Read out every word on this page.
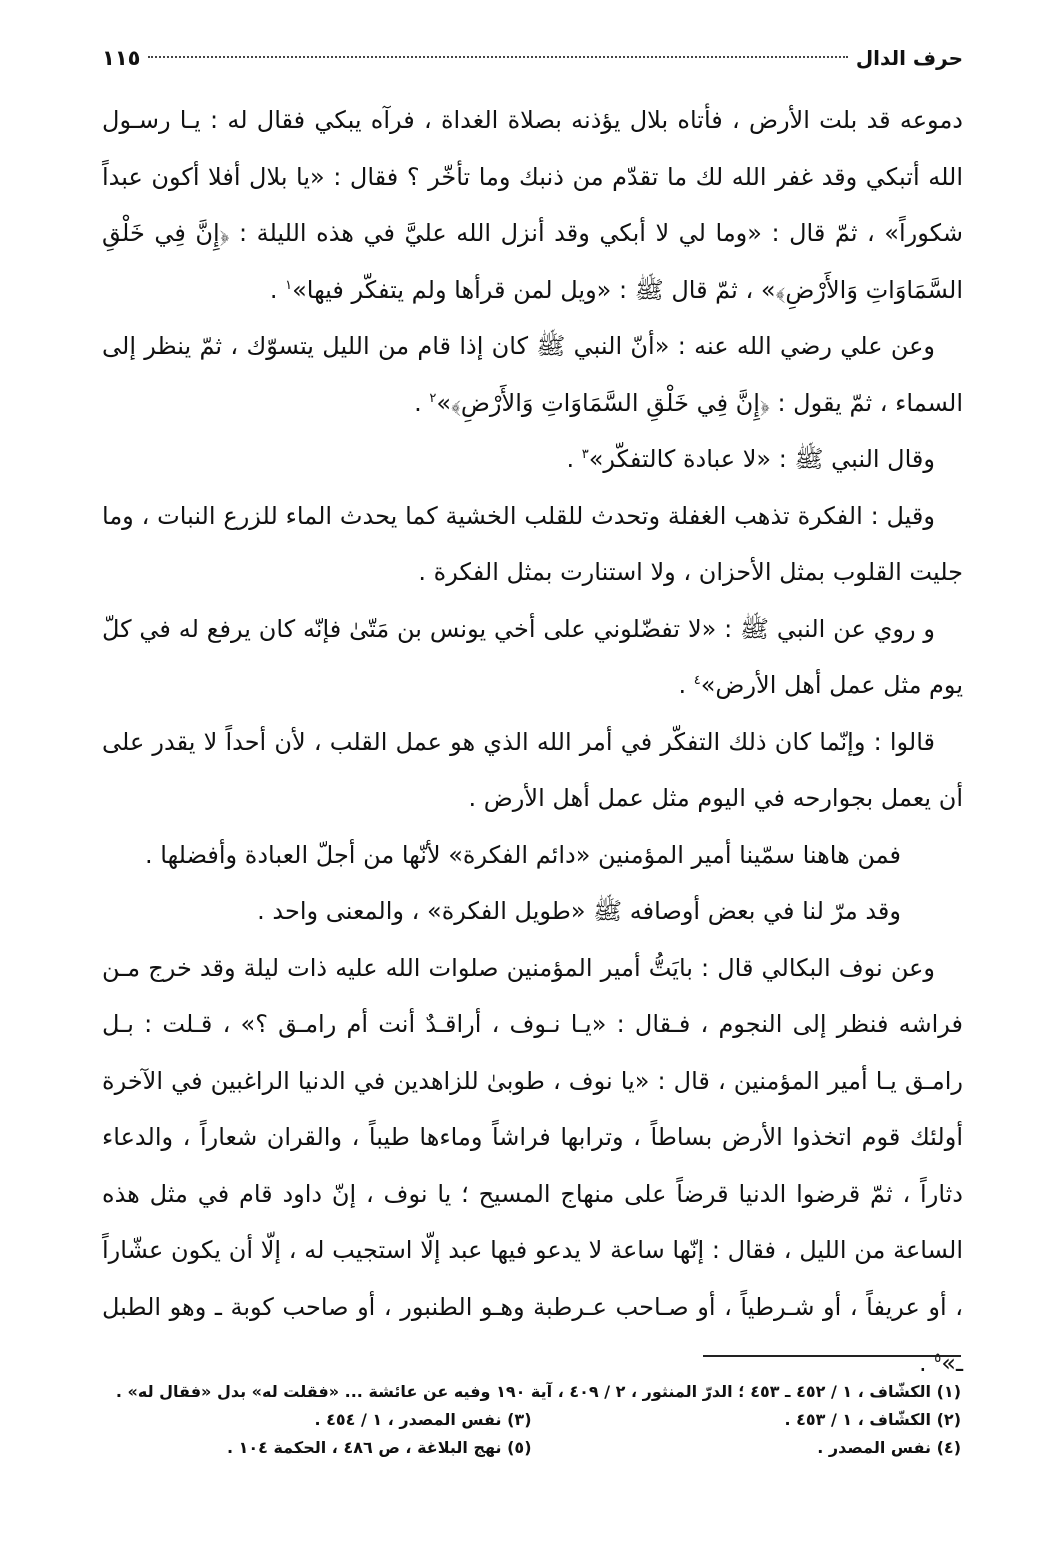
حرف الدال
١١٥

دموعه قد بلت الأرض ، فأتاه بلال يؤذنه بصلاة الغداة ، فرآه يبكي فقال له : يـا رسـول الله أتبكي وقد غفر الله لك ما تقدّم من ذنبك وما تأخّر ؟ فقال : «يا بلال أفلا أكون عبداً شكوراً» ، ثمّ قال : «وما لي لا أبكي وقد أنزل الله عليَّ في هذه الليلة : ﴿إِنَّ فِي خَلْقِ السَّمَاوَاتِ وَالأَرْضِ﴾» ، ثمّ قال ﷺ : «ويل لمن قرأها ولم يتفكّر فيها»$^١$ .

وعن علي رضي الله عنه : «أنّ النبي ﷺ كان إذا قام من الليل يتسوّك ، ثمّ ينظر إلى السماء ، ثمّ يقول : ﴿إِنَّ فِي خَلْقِ السَّمَاوَاتِ وَالأَرْضِ﴾»$^٢$ .

وقال النبي ﷺ : «لا عبادة كالتفكّر»$^٣$ .

وقيل : الفكرة تذهب الغفلة وتحدث للقلب الخشية كما يحدث الماء للزرع النبات ، وما جليت القلوب بمثل الأحزان ، ولا استنارت بمثل الفكرة .

و روي عن النبي ﷺ : «لا تفضّلوني على أخي يونس بن مَتّىٰ فإنّه كان يرفع له في كلّ يوم مثل عمل أهل الأرض»$^٤$ .

قالوا : وإنّما كان ذلك التفكّر في أمر الله الذي هو عمل القلب ، لأن أحداً لا يقدر على أن يعمل بجوارحه في اليوم مثل عمل أهل الأرض .

فمن هاهنا سمّينا أمير المؤمنين «دائم الفكرة» لأنّها من أجلّ العبادة وأفضلها .

وقد مرّ لنا في بعض أوصافه ﷺ «طويل الفكرة» ، والمعنى واحد .

وعن نوف البكالي قال : بايَتُّ أمير المؤمنين صلوات الله عليه ذات ليلة وقد خرج مـن فراشه فنظر إلى النجوم ، فـقال : «يـا نـوف ، أراقـدٌ أنت أم رامـق ؟» ، قـلت : بـل رامـق يـا أمير المؤمنين ، قال : «يا نوف ، طوبىٰ للزاهدين في الدنيا الراغبين في الآخرة أولئك قوم اتخذوا الأرض بساطاً ، وترابها فراشاً وماءها طيباً ، والقران شعاراً ، والدعاء دثاراً ، ثمّ قرضوا الدنيا قرضاً على منهاج المسيح ؛ يا نوف ، إنّ داود قام في مثل هذه الساعة من الليل ، فقال : إنّها ساعة لا يدعو فيها عبد إلّا استجيب له ، إلّا أن يكون عشّاراً ، أو عريفاً ، أو شـرطياً ، أو صـاحب عـرطبة وهـو الطنبور ، أو صاحب كوبة ـ وهو الطبل ـ»$^٥$ .

(١) الكشّاف ، ١ / ٤٥٢ ـ ٤٥٣ ؛ الدرّ المنثور ، ٢ / ٤٠٩ ، آية ١٩٠ وفيه عن عائشة ... «فقلت له» بدل «فقال له» .
(٢) الكشّاف ، ١ / ٤٥٣ .
(٣) نفس المصدر ، ١ / ٤٥٤ .
(٤) نفس المصدر .
(٥) نهج البلاغة ، ص ٤٨٦ ، الحكمة ١٠٤ .
